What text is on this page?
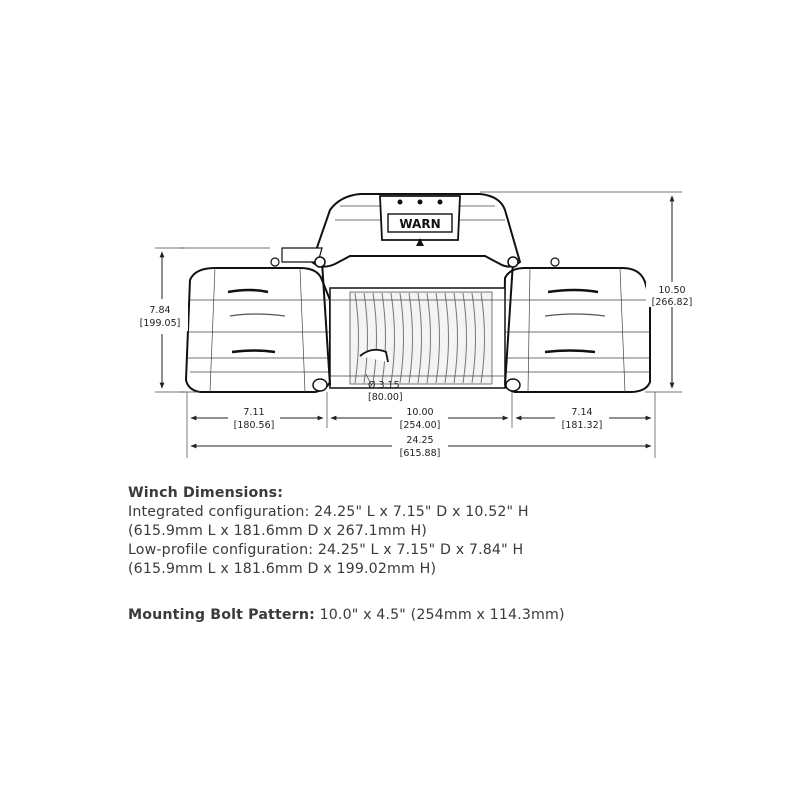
WARN
7.84
[199.05]
10.50
[266.82]
Ø 3.15
[80.00]
7.11
[180.56]
10.00
[254.00]
7.14
[181.32]
24.25
[615.88]

Winch Dimensions:

Integrated configuration: 24.25" L x 7.15" D x 10.52" H

(615.9mm L x 181.6mm D x 267.1mm H)

Low-profile configuration: 24.25" L x 7.15" D x 7.84" H

(615.9mm L x 181.6mm D x 199.02mm H)

Mounting Bolt Pattern: 10.0" x 4.5" (254mm x 114.3mm)
